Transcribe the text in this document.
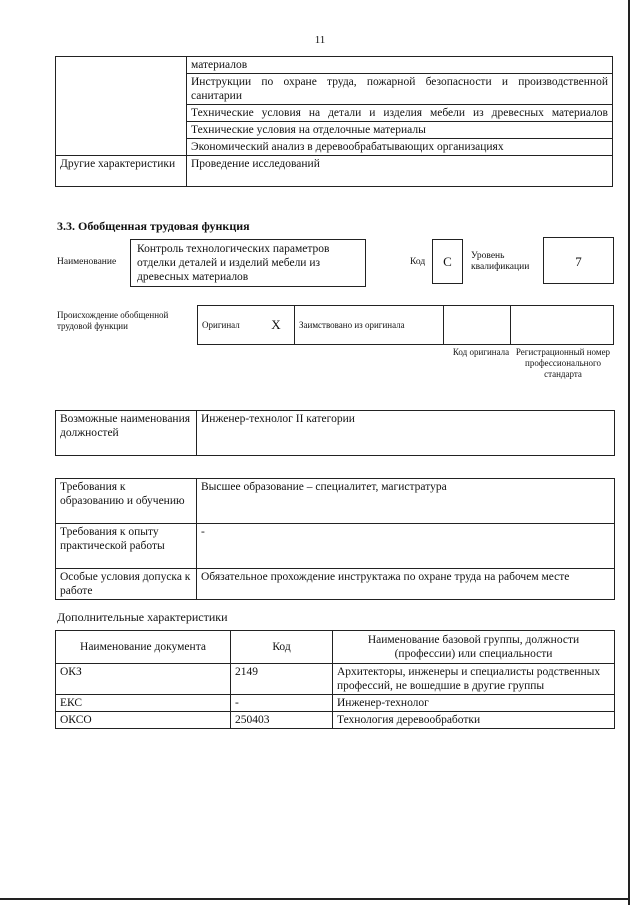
11
	материалов
	Инструкции по охране труда, пожарной безопасности и производственной санитарии
	Технические условия на детали и изделия мебели из древесных материалов
	Технические условия на отделочные материалы
	Экономический анализ в деревообрабатывающих организациях
Другие характеристики	Проведение исследований
3.3. Обобщенная трудовая функция
Наименование
Контроль технологических параметров отделки деталей и изделий мебели из древесных материалов
Код	C	Уровень квалификации	7
Происхождение обобщенной трудовой функции	Оригинал	X	Заимствовано из оригинала		
Код оригинала Регистрационный номер профессионального стандарта
Возможные наименования должностей	Инженер-технолог II категории
Требования к образованию и обучению	Высшее образование – специалитет, магистратура
Требования к опыту практической работы	-
Особые условия допуска к работе	Обязательное прохождение инструктажа по охране труда на рабочем месте
Дополнительные характеристики
Наименование документа	Код	Наименование базовой группы, должности (профессии) или специальности
ОКЗ	2149	Архитекторы, инженеры и специалисты родственных профессий, не вошедшие в другие группы
ЕКС	-	Инженер-технолог
ОКСО	250403	Технология деревообработки
